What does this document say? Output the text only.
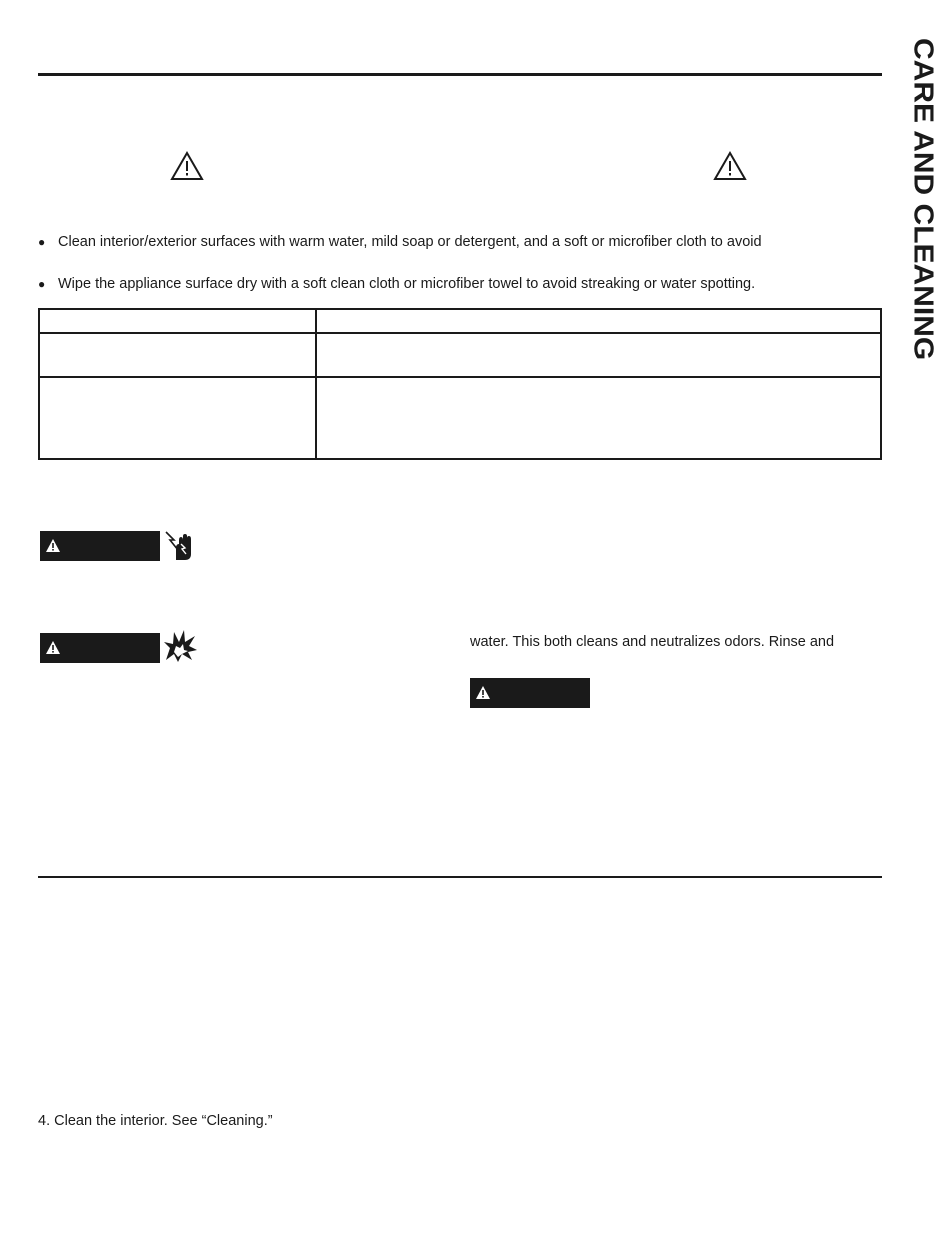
CARE AND CLEANING
● Clean interior/exterior surfaces with warm water, mild soap or detergent, and a soft or microfiber cloth to avoid
● Wipe the appliance surface dry with a soft clean cloth or microfiber towel to avoid streaking or water spotting.
water. This both cleans and neutralizes odors. Rinse and
4. Clean the interior. See “Cleaning.”
